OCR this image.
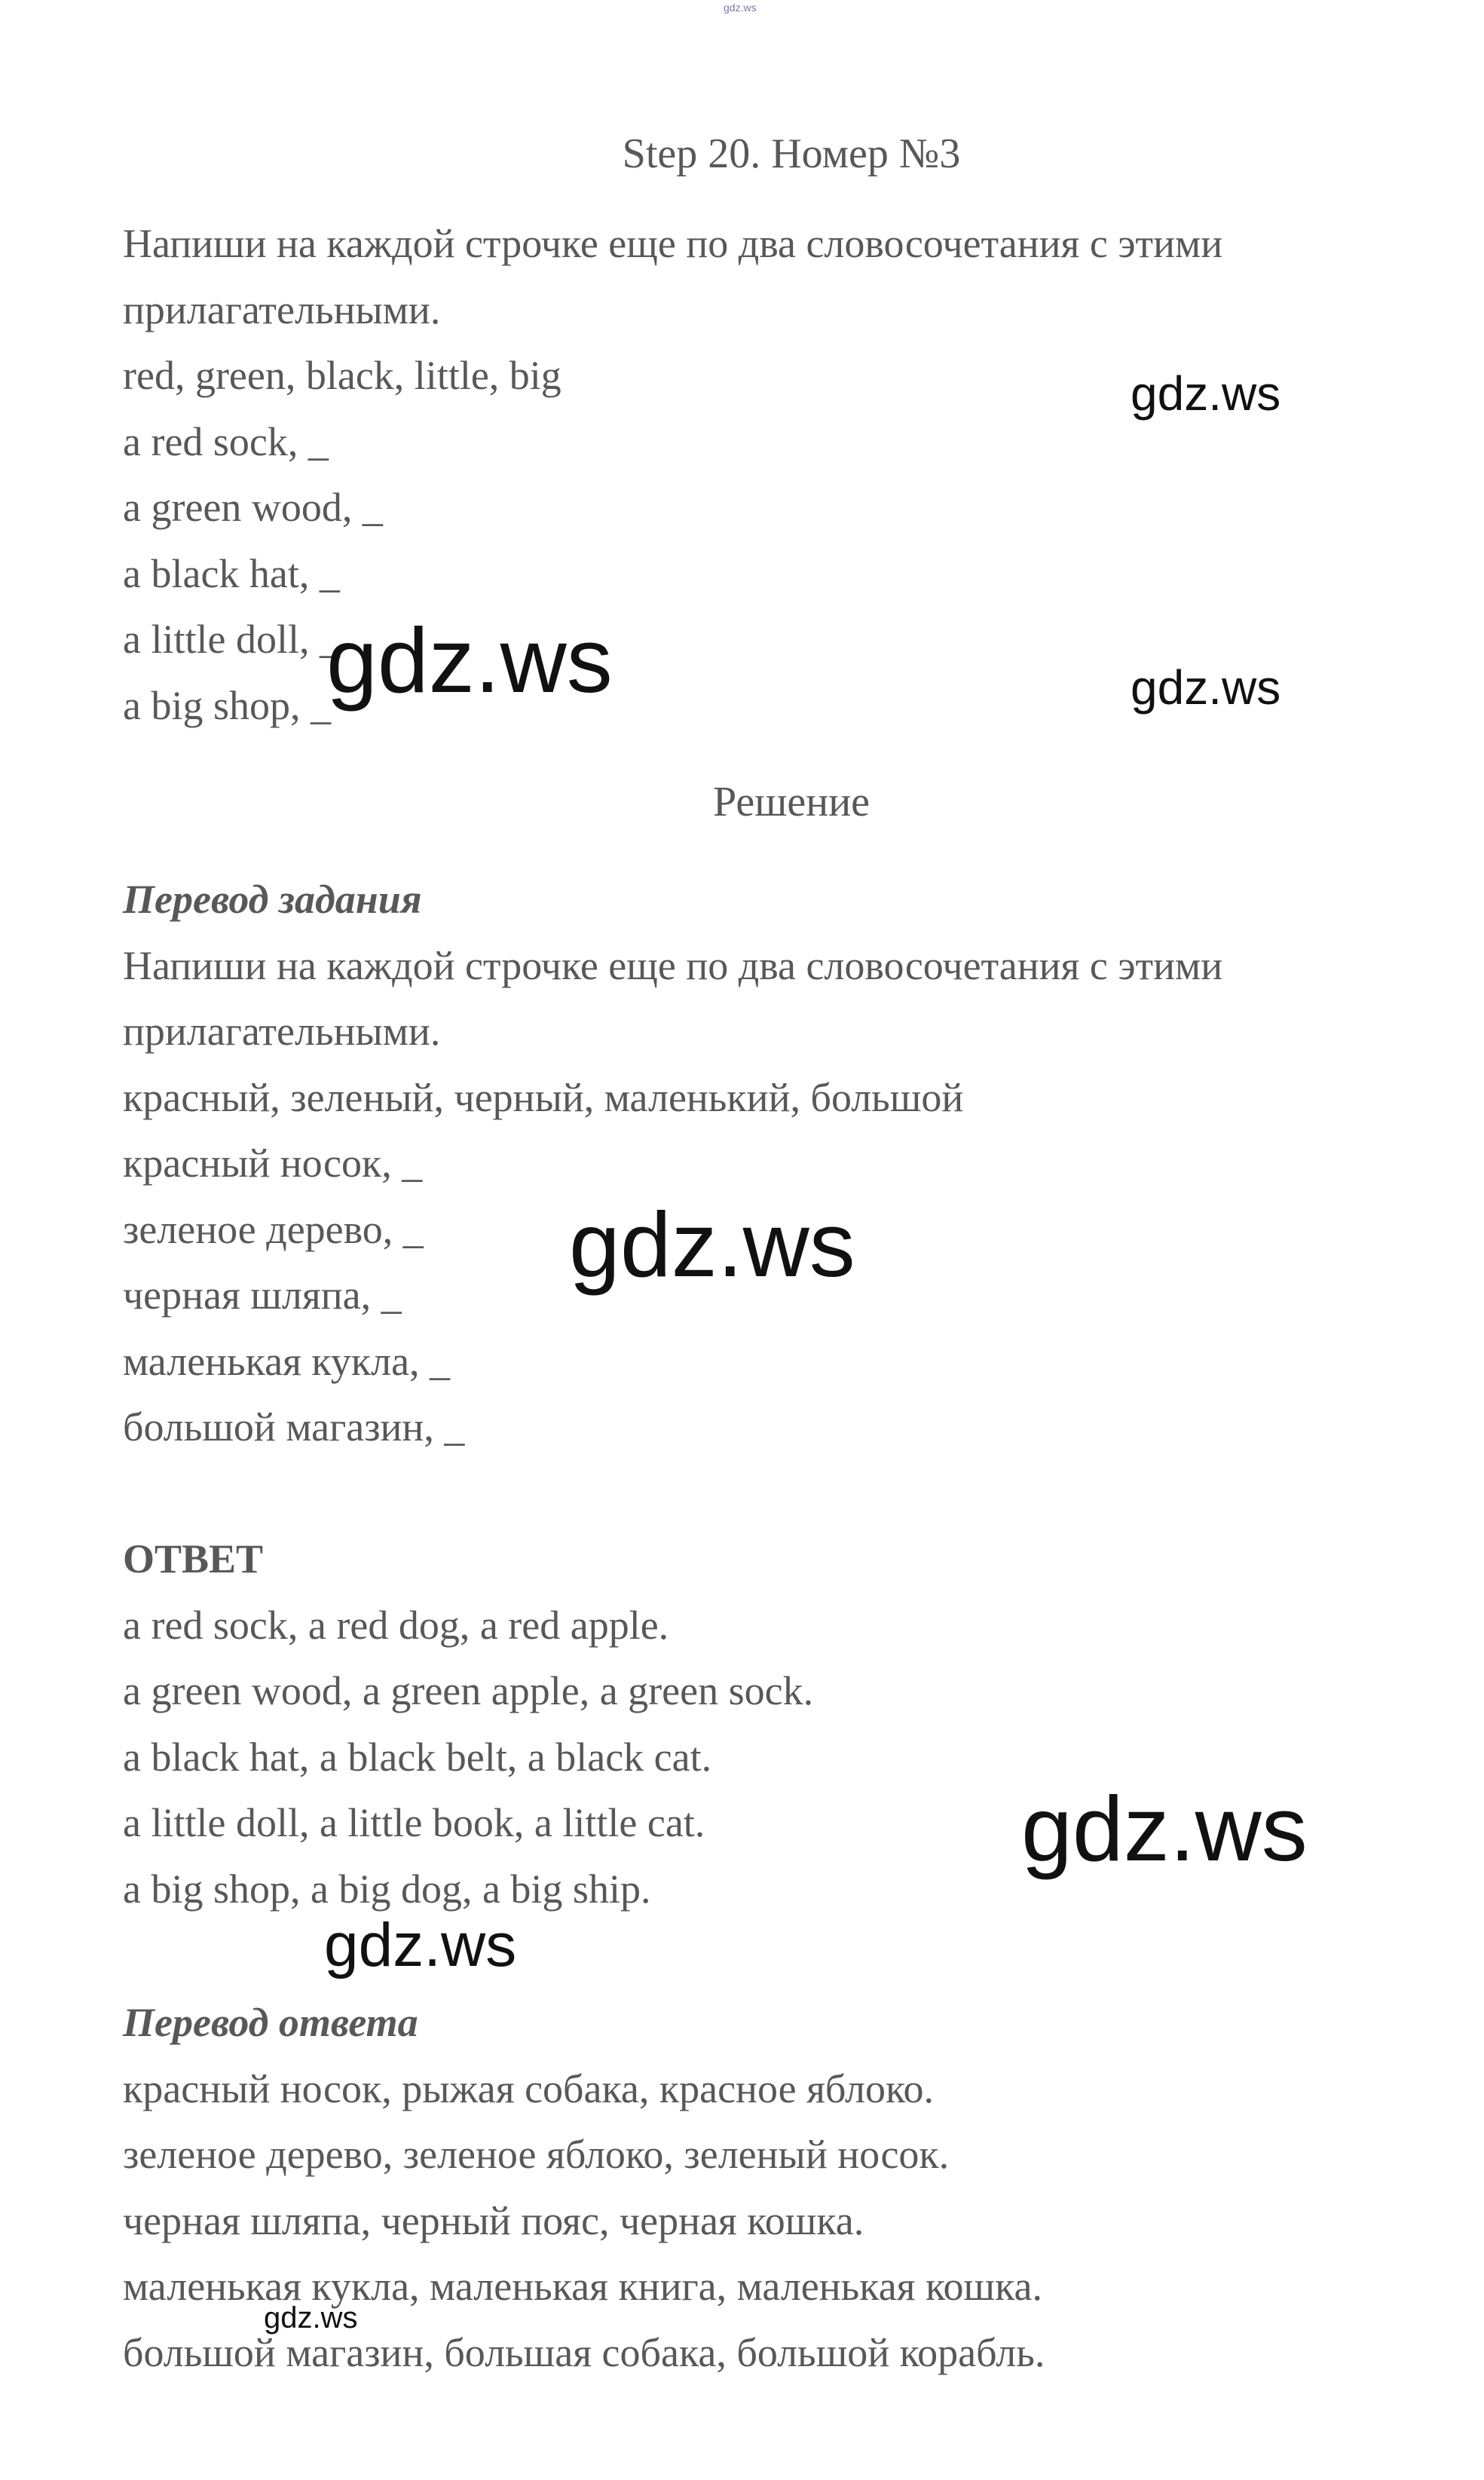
gdz.ws
Step 20. Номер №3
Напиши на каждой строчке еще по два словосочетания с этими
прилагательными.
red, green, black, little, big
a red sock, _
a green wood, _
a black hat, _
a little doll, _
a big shop, _
Решение
Перевод задания
Напиши на каждой строчке еще по два словосочетания с этими
прилагательными.
красный, зеленый, черный, маленький, большой
красный носок, _
зеленое дерево, _
черная шляпа, _
маленькая кукла, _
большой магазин, _
ОТВЕТ
a red sock, a red dog, a red apple.
a green wood, a green apple, a green sock.
a black hat, a black belt, a black cat.
a little doll, a little book, a little cat.
a big shop, a big dog, a big ship.
Перевод ответа
красный носок, рыжая собака, красное яблоко.
зеленое дерево, зеленое яблоко, зеленый носок.
черная шляпа, черный пояс, черная кошка.
маленькая кукла, маленькая книга, маленькая кошка.
большой магазин, большая собака, большой корабль.
gdz.ws
gdz.ws	gdz.ws
gdz.ws
gdz.ws
gdz.ws
gdz.ws
